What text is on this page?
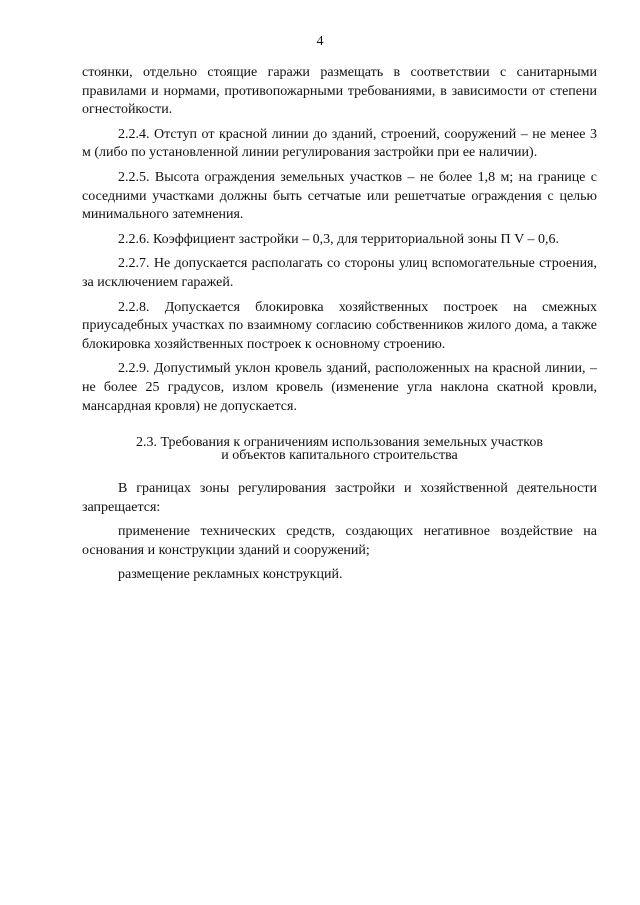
4

стоянки, отдельно стоящие гаражи размещать в соответствии с санитарными правилами и нормами, противопожарными требованиями, в зависимости от степени огнестойкости.

2.2.4. Отступ от красной линии до зданий, строений, сооружений – не менее 3 м (либо по установленной линии регулирования застройки при ее наличии).

2.2.5. Высота ограждения земельных участков – не более 1,8 м; на границе с соседними участками должны быть сетчатые или решетчатые ограждения с целью минимального затемнения.

2.2.6. Коэффициент застройки – 0,3, для территориальной зоны П V – 0,6.

2.2.7. Не допускается располагать со стороны улиц вспомогательные строения, за исключением гаражей.

2.2.8. Допускается блокировка хозяйственных построек на смежных приусадебных участках по взаимному согласию собственников жилого дома, а также блокировка хозяйственных построек к основному строению.

2.2.9. Допустимый уклон кровель зданий, расположенных на красной линии, – не более 25 градусов, излом кровель (изменение угла наклона скатной кровли, мансардная кровля) не допускается.

2.3. Требования к ограничениям использования земельных участков
и объектов капитального строительства

В границах зоны регулирования застройки и хозяйственной деятельности запрещается:

применение технических средств, создающих негативное воздействие на основания и конструкции зданий и сооружений;

размещение рекламных конструкций.
